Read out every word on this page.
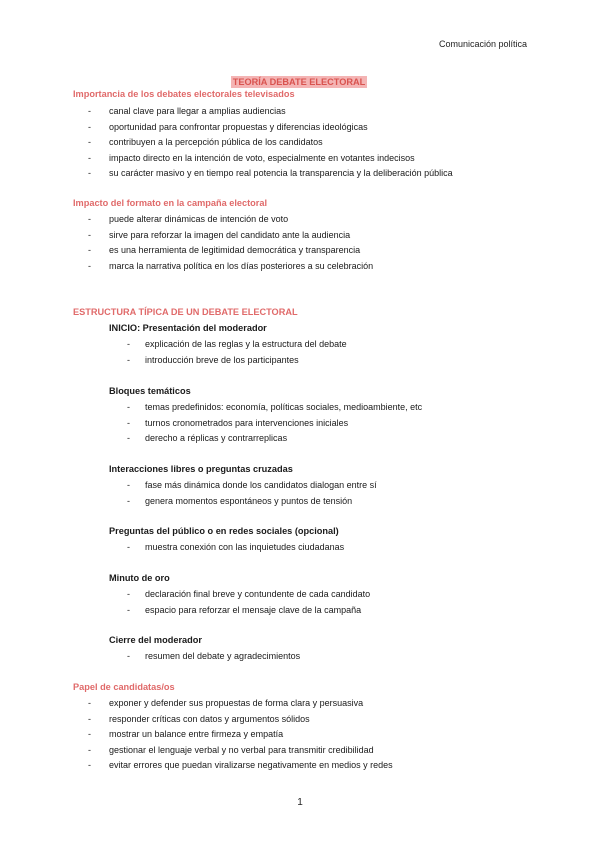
Comunicación política
TEORÍA DEBATE ELECTORAL
Importancia de los debates electorales televisados
- canal clave para llegar a amplias audiencias
- oportunidad para confrontar propuestas y diferencias ideológicas
- contribuyen a la percepción pública de los candidatos
- impacto directo en la intención de voto, especialmente en votantes indecisos
- su carácter masivo y en tiempo real potencia la transparencia y la deliberación pública
Impacto del formato en la campaña electoral
- puede alterar dinámicas de intención de voto
- sirve para reforzar la imagen del candidato ante la audiencia
- es una herramienta de legitimidad democrática y transparencia
- marca la narrativa política en los días posteriores a su celebración
ESTRUCTURA TÍPICA DE UN DEBATE ELECTORAL
INICIO: Presentación del moderador
- explicación de las reglas y la estructura del debate
- introducción breve de los participantes
Bloques temáticos
- temas predefinidos: economía, políticas sociales, medioambiente, etc
- turnos cronometrados para intervenciones iniciales
- derecho a réplicas y contrarreplicas
Interacciones libres o preguntas cruzadas
- fase más dinámica donde los candidatos dialogan entre sí
- genera momentos espontáneos y puntos de tensión
Preguntas del público o en redes sociales (opcional)
- muestra conexión con las inquietudes ciudadanas
Minuto de oro
- declaración final breve y contundente de cada candidato
- espacio para reforzar el mensaje clave de la campaña
Cierre del moderador
- resumen del debate y agradecimientos
Papel de candidatas/os
- exponer y defender sus propuestas de forma clara y persuasiva
- responder críticas con datos y argumentos sólidos
- mostrar un balance entre firmeza y empatía
- gestionar el lenguaje verbal y no verbal para transmitir credibilidad
- evitar errores que puedan viralizarse negativamente en medios y redes
1
